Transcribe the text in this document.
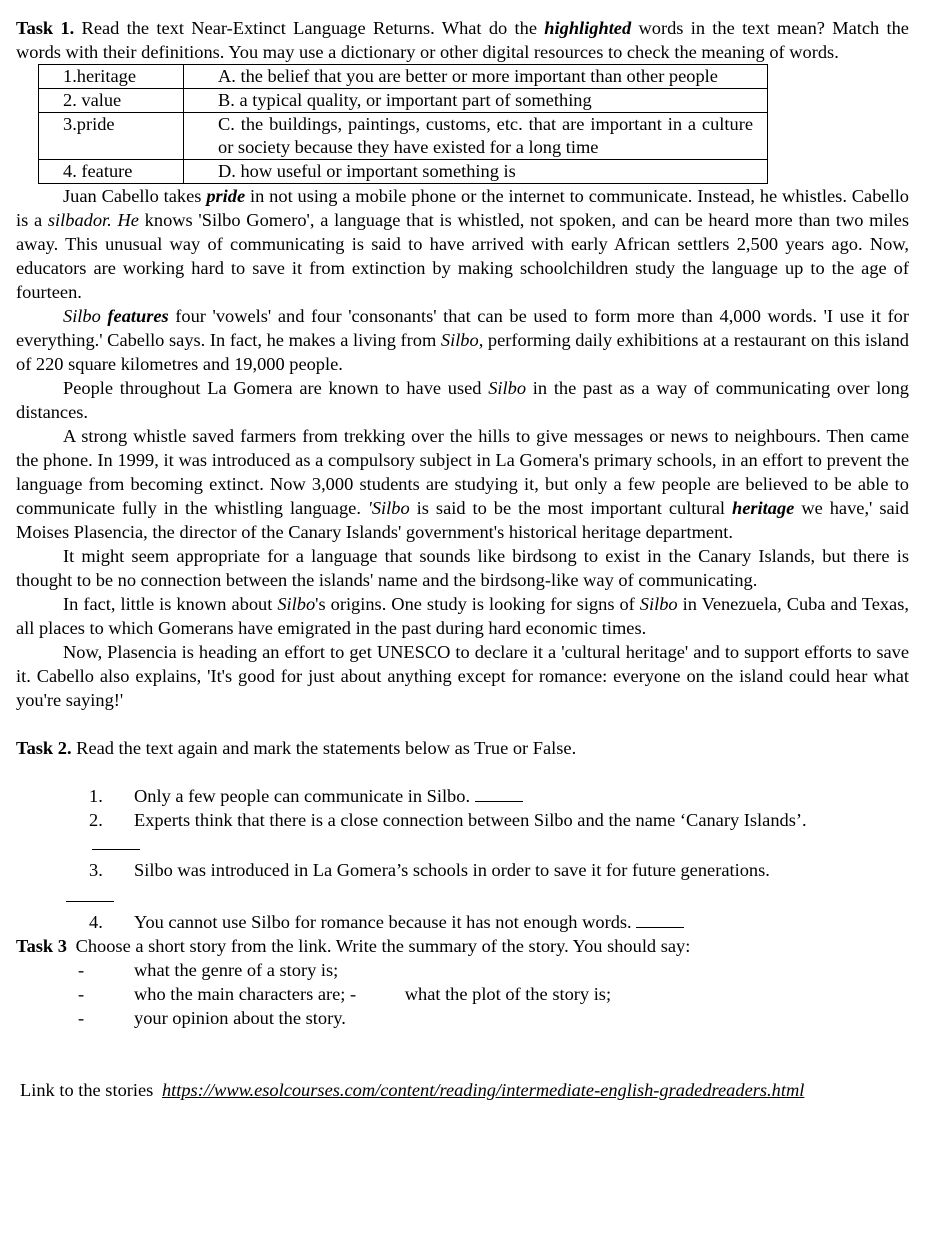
Task 1. Read the text Near-Extinct Language Returns. What do the highlighted words in the text mean? Match the words with their definitions. You may use a dictionary or other digital resources to check the meaning of words.
1.heritage	A. the belief that you are better or more important than other people
2. value	B. a typical quality, or important part of something
3.pride	C. the buildings, paintings, customs, etc. that are important in a culture or society because they have existed for a long time
4. feature	D. how useful or important something is

Juan Cabello takes pride in not using a mobile phone or the internet to communicate. Instead, he whistles. Cabello is a silbador. He knows 'Silbo Gomero', a language that is whistled, not spoken, and can be heard more than two miles away. This unusual way of communicating is said to have arrived with early African settlers 2,500 years ago. Now, educators are working hard to save it from extinction by making schoolchildren study the language up to the age of fourteen.

Silbo features four 'vowels' and four 'consonants' that can be used to form more than 4,000 words. 'I use it for everything.' Cabello says. In fact, he makes a living from Silbo, performing daily exhibitions at a restaurant on this island of 220 square kilometres and 19,000 people.

People throughout La Gomera are known to have used Silbo in the past as a way of communicating over long distances.

A strong whistle saved farmers from trekking over the hills to give messages or news to neighbours. Then came the phone. In 1999, it was introduced as a compulsory subject in La Gomera's primary schools, in an effort to prevent the language from becoming extinct. Now 3,000 students are studying it, but only a few people are believed to be able to communicate fully in the whistling language. 'Silbo is said to be the most important cultural heritage we have,' said Moises Plasencia, the director of the Canary Islands' government's historical heritage department.

It might seem appropriate for a language that sounds like birdsong to exist in the Canary Islands, but there is thought to be no connection between the islands' name and the birdsong-like way of communicating.

In fact, little is known about Silbo's origins. One study is looking for signs of Silbo in Venezuela, Cuba and Texas, all places to which Gomerans have emigrated in the past during hard economic times.

Now, Plasencia is heading an effort to get UNESCO to declare it a 'cultural heritage' and to support efforts to save it. Cabello also explains, 'It's good for just about anything except for romance: everyone on the island could hear what you're saying!'

Task 2. Read the text again and mark the statements below as True or False.
1. Only a few people can communicate in Silbo.
2. Experts think that there is a close connection between Silbo and the name ‘Canary Islands’.
3. Silbo was introduced in La Gomera’s schools in order to save it for future generations.
4. You cannot use Silbo for romance because it has not enough words.
Task 3 Choose a short story from the link. Write the summary of the story. You should say:
-	what the genre of a story is;
-	who the main characters are; -	what the plot of the story is;
-	your opinion about the story.
Link to the stories https://www.esolcourses.com/content/reading/intermediate-english-gradedreaders.html
